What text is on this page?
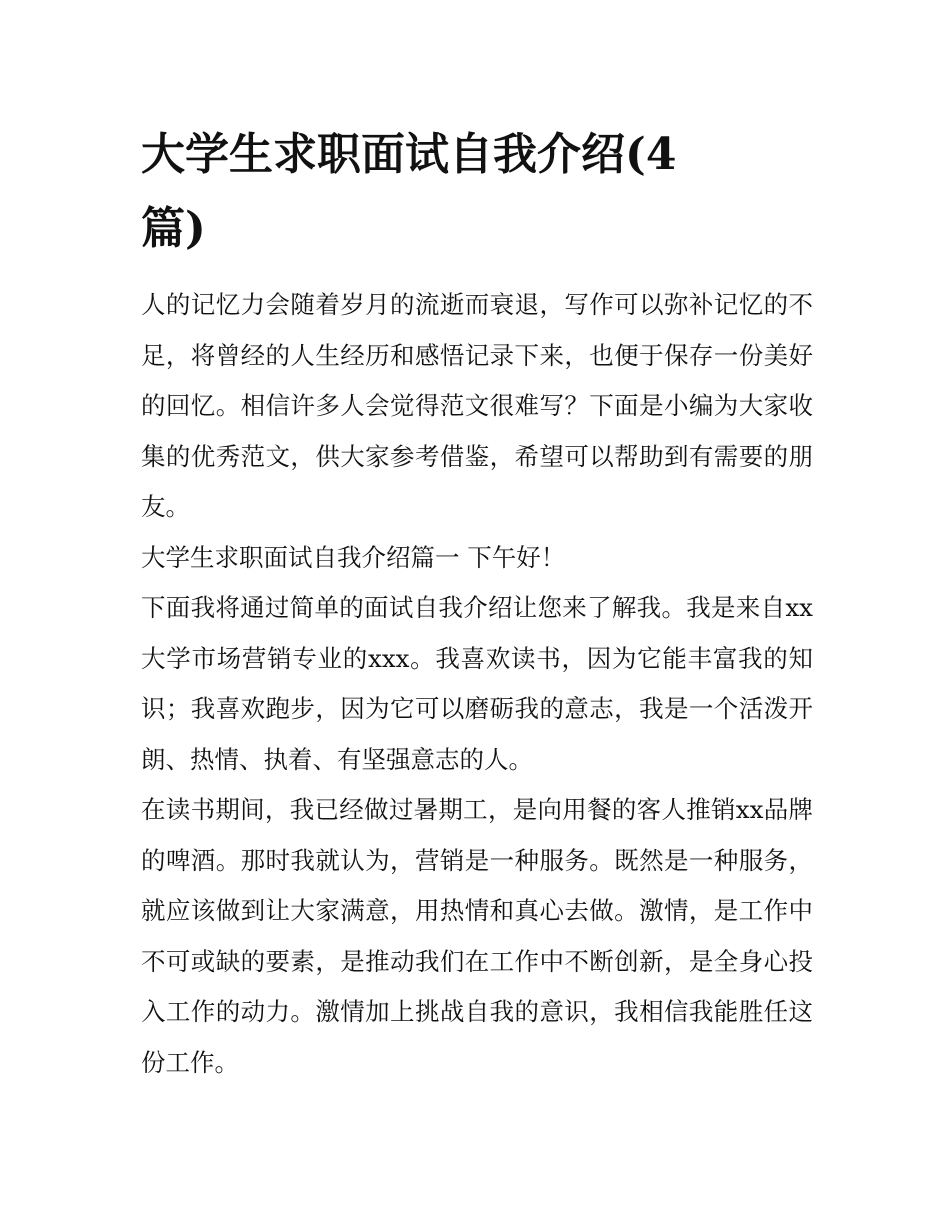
大学生求职面试自我介绍(4篇)

人的记忆力会随着岁月的流逝而衰退，写作可以弥补记忆的不足，将曾经的人生经历和感悟记录下来，也便于保存一份美好的回忆。相信许多人会觉得范文很难写？下面是小编为大家收集的优秀范文，供大家参考借鉴，希望可以帮助到有需要的朋友。

大学生求职面试自我介绍篇一 下午好！

下面我将通过简单的面试自我介绍让您来了解我。我是来自xx大学市场营销专业的xxx。我喜欢读书，因为它能丰富我的知识；我喜欢跑步，因为它可以磨砺我的意志，我是一个活泼开朗、热情、执着、有坚强意志的人。

在读书期间，我已经做过暑期工，是向用餐的客人推销xx品牌的啤酒。那时我就认为，营销是一种服务。既然是一种服务，就应该做到让大家满意，用热情和真心去做。激情，是工作中不可或缺的要素，是推动我们在工作中不断创新，是全身心投入工作的动力。激情加上挑战自我的意识，我相信我能胜任这份工作。
